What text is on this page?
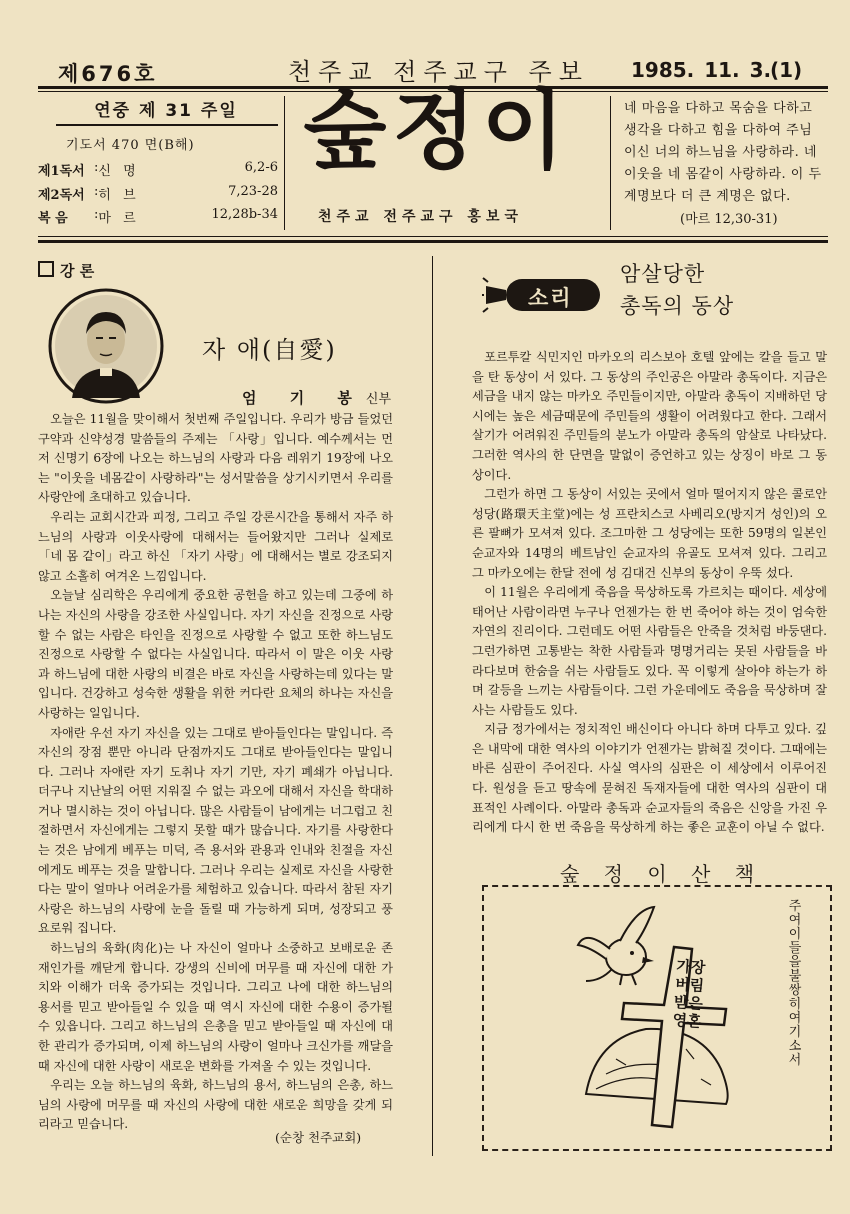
제676호	천주교 전주교구 주보 1985. 11. 3.
(1)
연중 제 31 주일
기도서 470 면(B해)
제1독서 : 신 명	6,2-6
제2독서 : 히 브	7,23-28
복 음	: 마 르	12,28b-34
숲정이
천주교 전주교구 홍보국
네 마음을 다하고 목숨을 다하고 생각을 다하고 힘을 다하여 주님이신 너의 하느님을 사랑하라. 네 이웃을 네 몸같이 사랑하라. 이 두 계명보다 더 큰 계명은 없다.
(마르 12,30-31)
강 론
자 애(自愛)
엄 기 봉신부

오늘은 11월을 맞이해서 첫번째 주일입니다. 우리가 방금 들었던 구약과 신약성경 말씀들의 주제는 「사랑」입니다. 예수께서는 먼저 신명기 6장에 나오는 하느님의 사랑과 다음 레위기 19장에 나오는 "이웃을 네몸같이 사랑하라"는 성서말씀을 상기시키면서 우리를 사랑안에 초대하고 있습니다.

우리는 교회시간과 피정, 그리고 주일 강론시간을 통해서 자주 하느님의 사랑과 이웃사랑에 대해서는 들어왔지만 그러나 실제로 「네 몸 같이」라고 하신 「자기 사랑」에 대해서는 별로 강조되지 않고 소홀히 여겨온 느낌입니다.

오늘날 심리학은 우리에게 중요한 공헌을 하고 있는데 그중에 하나는 자신의 사랑을 강조한 사실입니다. 자기 자신을 진정으로 사랑할 수 없는 사람은 타인을 진정으로 사랑할 수 없고 또한 하느님도 진정으로 사랑할 수 없다는 사실입니다. 따라서 이 말은 이웃 사랑과 하느님에 대한 사랑의 비결은 바로 자신을 사랑하는데 있다는 말입니다. 건강하고 성숙한 생활을 위한 커다란 요체의 하나는 자신을 사랑하는 일입니다.

자애란 우선 자기 자신을 있는 그대로 받아들인다는 말입니다. 즉 자신의 장점 뿐만 아니라 단점까지도 그대로 받아들인다는 말입니다. 그러나 자애란 자기 도취나 자기 기만, 자기 폐쇄가 아닙니다. 더구나 지난날의 어떤 지워질 수 없는 과오에 대해서 자신을 학대하거나 멸시하는 것이 아닙니다. 많은 사람들이 남에게는 너그럽고 친절하면서 자신에게는 그렇지 못할 때가 많습니다. 자기를 사랑한다는 것은 남에게 베푸는 미덕, 즉 용서와 관용과 인내와 친절을 자신에게도 베푸는 것을 말합니다. 그러나 우리는 실제로 자신을 사랑한다는 말이 얼마나 어려운가를 체험하고 있습니다. 따라서 참된 자기 사랑은 하느님의 사랑에 눈을 돌릴 때 가능하게 되며, 성장되고 풍요로워 집니다.

하느님의 육화(肉化)는 나 자신이 얼마나 소중하고 보배로운 존재인가를 깨닫게 합니다. 강생의 신비에 머무를 때 자신에 대한 가치와 이해가 더욱 증가되는 것입니다. 그리고 나에 대한 하느님의 용서를 믿고 받아들일 수 있을 때 역시 자신에 대한 수용이 증가될 수 있읍니다. 그리고 하느님의 은총을 믿고 받아들일 때 자신에 대한 관리가 증가되며, 이제 하느님의 사랑이 얼마나 크신가를 깨달을 때 자신에 대한 사랑이 새로운 변화를 가져올 수 있는 것입니다.

우리는 오늘 하느님의 육화, 하느님의 용서, 하느님의 은총, 하느님의 사랑에 머무를 때 자신의 사랑에 대한 새로운 희망을 갖게 되리라고 믿습니다.

(순창 천주교회)
소리
암살당한
총독의 동상

포르투칼 식민지인 마카오의 리스보아 호텔 앞에는 칼을 들고 말을 탄 동상이 서 있다. 그 동상의 주인공은 아말라 총독이다. 지금은 세금을 내지 않는 마카오 주민들이지만, 아말라 총독이 지배하던 당시에는 높은 세금때문에 주민들의 생활이 어려웠다고 한다. 그래서 살기가 어려워진 주민들의 분노가 아말라 총독의 암살로 나타났다. 그러한 역사의 한 단면을 말없이 증언하고 있는 상징이 바로 그 동상이다.

그런가 하면 그 동상이 서있는 곳에서 얼마 떨어지지 않은 콜로안 성당(路環天主堂)에는 성 프란치스코 사베리오(방지거 성인)의 오른 팔뼈가 모셔져 있다. 조그마한 그 성당에는 또한 59명의 일본인 순교자와 14명의 베트남인 순교자의 유골도 모셔져 있다. 그리고 그 마카오에는 한달 전에 성 김대건 신부의 동상이 우뚝 섰다.

이 11월은 우리에게 죽음을 묵상하도록 가르치는 때이다. 세상에 태어난 사람이라면 누구나 언젠가는 한 번 죽어야 하는 것이 엄숙한 자연의 진리이다. 그런데도 어떤 사람들은 안죽을 것처럼 바둥댄다. 그런가하면 고통받는 착한 사람들과 명명거리는 못된 사람들을 바라다보며 한숨을 쉬는 사람들도 있다. 꼭 이렇게 살아야 하는가 하며 갈등을 느끼는 사람들이다. 그런 가운데에도 죽음을 묵상하며 잘 사는 사람들도 있다.

지금 정가에서는 정치적인 배신이다 아니다 하며 다투고 있다. 깊은 내막에 대한 역사의 이야기가 언젠가는 밝혀질 것이다. 그때에는 바른 심판이 주어진다. 사실 역사의 심판은 이 세상에서 이루어진다. 원성을 듣고 땅속에 묻혀진 독재자들에 대한 역사의 심판이 대표적인 사례이다. 아말라 총독과 순교자들의 죽음은 신앙을 가진 우리에게 다시 한 번 죽음을 묵상하게 하는 좋은 교훈이 아닐 수 없다.

숲 정 이 산 책
가장 버림받은 영혼
주여 이들을 불쌍히 여기소서
